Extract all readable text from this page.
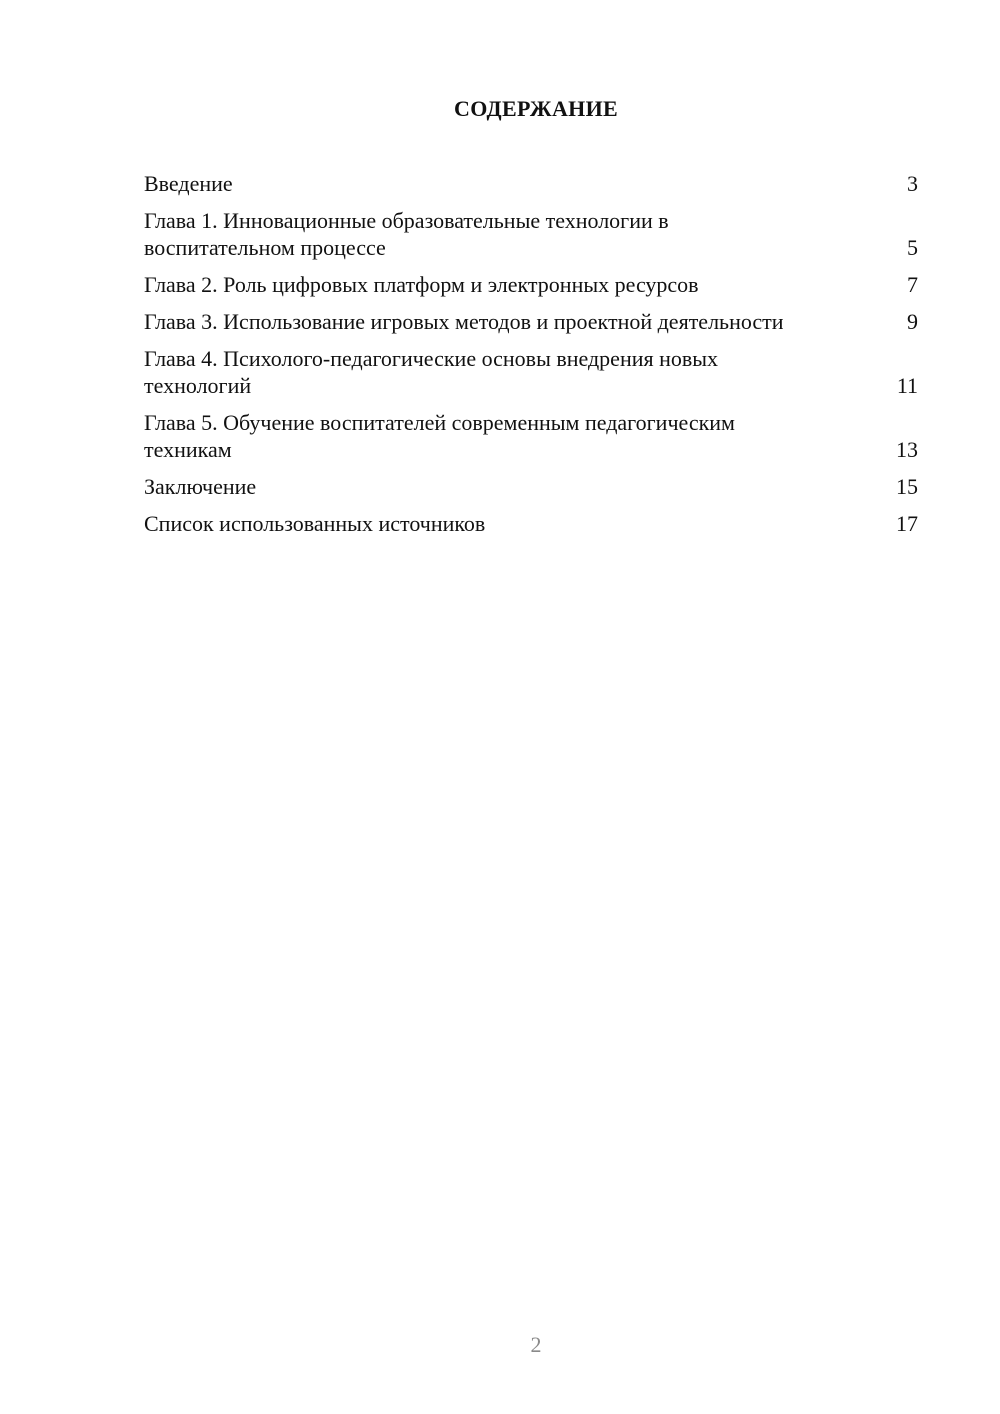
СОДЕРЖАНИЕ
Введение	3
Глава 1. Инновационные образовательные технологии в воспитательном процессе	5
Глава 2. Роль цифровых платформ и электронных ресурсов	7
Глава 3. Использование игровых методов и проектной деятельности	9
Глава 4. Психолого-педагогические основы внедрения новых технологий	11
Глава 5. Обучение воспитателей современным педагогическим техникам	13
Заключение	15
Список использованных источников	17
2
